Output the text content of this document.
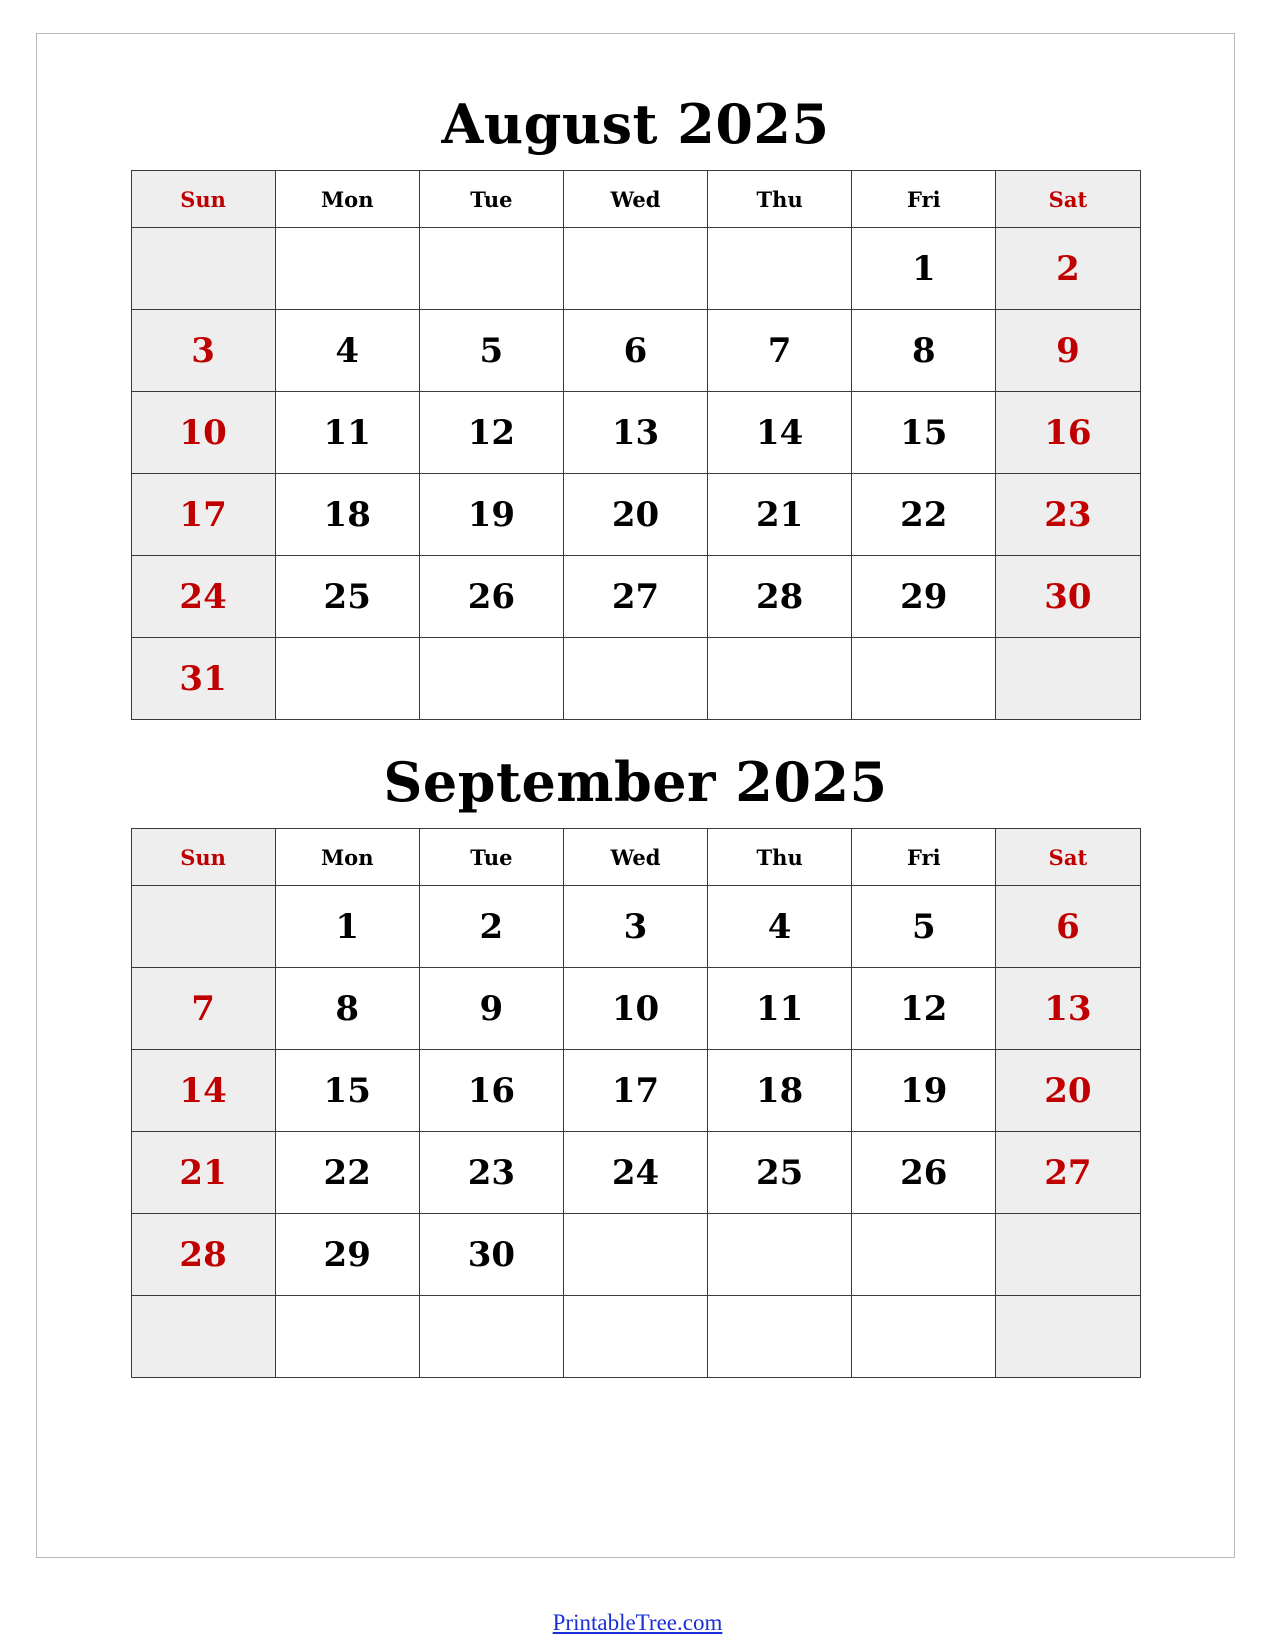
August 2025
Sun	Mon	Tue	Wed	Thu	Fri	Sat
					1	2
3	4	5	6	7	8	9
10	11	12	13	14	15	16
17	18	19	20	21	22	23
24	25	26	27	28	29	30
31						
September 2025
Sun	Mon	Tue	Wed	Thu	Fri	Sat
	1	2	3	4	5	6
7	8	9	10	11	12	13
14	15	16	17	18	19	20
21	22	23	24	25	26	27
28	29	30				

PrintableTree.com
